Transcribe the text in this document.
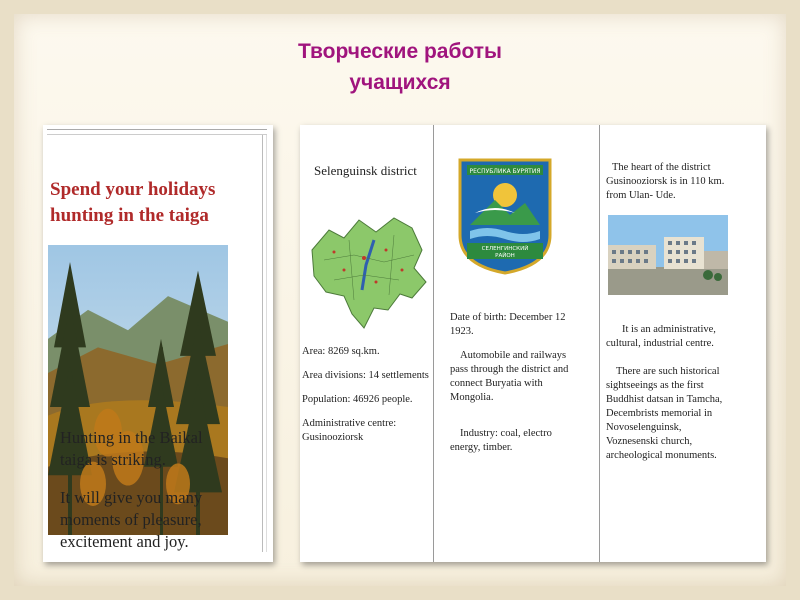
Творческие работы
учащихся
Spend your holidays
hunting in the taiga

Hunting in the Baikal
taiga is striking.

It will give you many
moments of pleasure,
excitement and joy.

Selenguinsk district

Area: 8269 sq.km.

Area divisions: 14 settlements

Population: 46926 people.

Administrative centre:
Gusinooziorsk

РЕСПУБЛИКА БУРЯТИЯ
СЕЛЕНГИНСКИЙ
РАЙОН

Date of birth: December 12
1923.

Automobile and railways
pass through the district and
connect Buryatia with
Mongolia.

Industry: coal, electro
energy, timber.

The heart of the district
Gusinooziorsk is in 110 km.
from Ulan- Ude.

It is an administrative,
cultural, industrial centre.

There are such historical
sightseeings as the first
Buddhist datsan in Tamcha,
Decembrists memorial in
Novoselenguinsk,
Voznesenski church,
archeological monuments.
